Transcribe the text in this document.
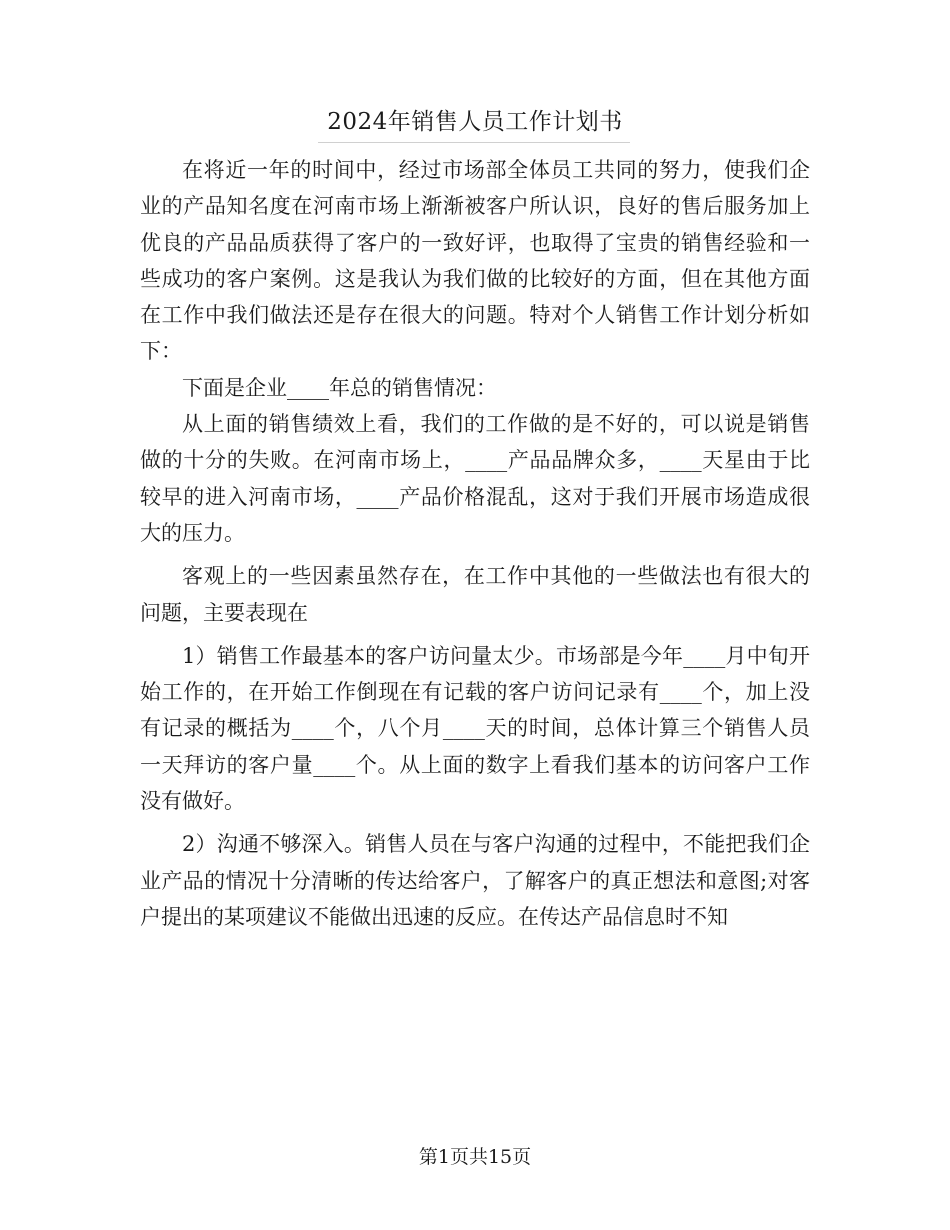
2024年销售人员工作计划书

在将近一年的时间中，经过市场部全体员工共同的努力，使我们企业的产品知名度在河南市场上渐渐被客户所认识，良好的售后服务加上优良的产品品质获得了客户的一致好评，也取得了宝贵的销售经验和一些成功的客户案例。这是我认为我们做的比较好的方面，但在其他方面在工作中我们做法还是存在很大的问题。特对个人销售工作计划分析如下：

下面是企业____年总的销售情况：

从上面的销售绩效上看，我们的工作做的是不好的，可以说是销售做的十分的失败。在河南市场上，____产品品牌众多，____天星由于比较早的进入河南市场，____产品价格混乱，这对于我们开展市场造成很大的压力。

客观上的一些因素虽然存在，在工作中其他的一些做法也有很大的问题，主要表现在

1）销售工作最基本的客户访问量太少。市场部是今年____月中旬开始工作的，在开始工作倒现在有记载的客户访问记录有____个，加上没有记录的概括为____个，八个月____天的时间，总体计算三个销售人员一天拜访的客户量____个。从上面的数字上看我们基本的访问客户工作没有做好。

2）沟通不够深入。销售人员在与客户沟通的过程中，不能把我们企业产品的情况十分清晰的传达给客户，了解客户的真正想法和意图;对客户提出的某项建议不能做出迅速的反应。在传达产品信息时不知

第1页共15页
